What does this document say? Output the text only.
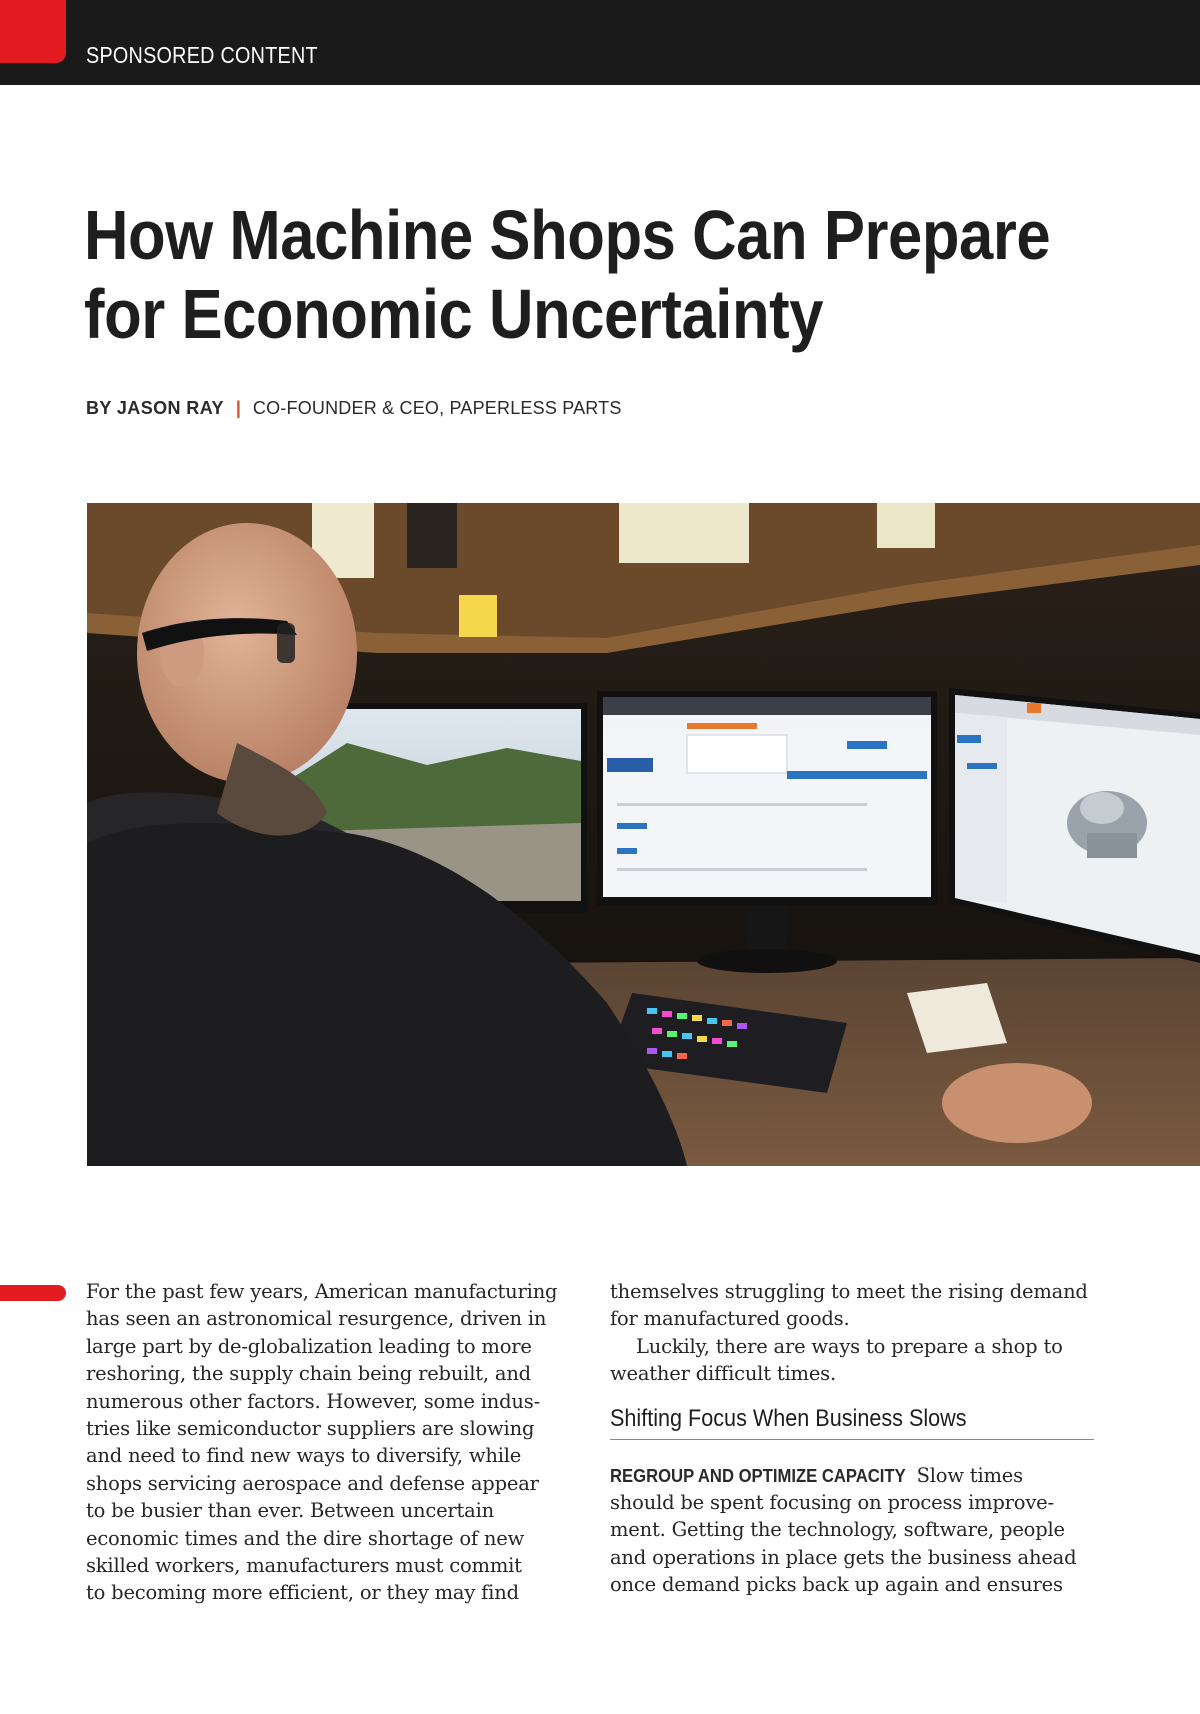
SPONSORED CONTENT
How Machine Shops Can Prepare
for Economic Uncertainty
BY JASON RAY | CO-FOUNDER & CEO, PAPERLESS PARTS

For the past few years, American manufacturing
has seen an astronomical resurgence, driven in
large part by de-globalization leading to more
reshoring, the supply chain being rebuilt, and
numerous other factors. However, some indus-
tries like semiconductor suppliers are slowing
and need to find new ways to diversify, while
shops servicing aerospace and defense appear
to be busier than ever. Between uncertain
economic times and the dire shortage of new
skilled workers, manufacturers must commit
to becoming more efficient, or they may find

themselves struggling to meet the rising demand
for manufactured goods.

Luckily, there are ways to prepare a shop to
weather difficult times.

Shifting Focus When Business Slows

REGROUP AND OPTIMIZE CAPACITY Slow times
should be spent focusing on process improve-
ment. Getting the technology, software, people
and operations in place gets the business ahead
once demand picks back up again and ensures
